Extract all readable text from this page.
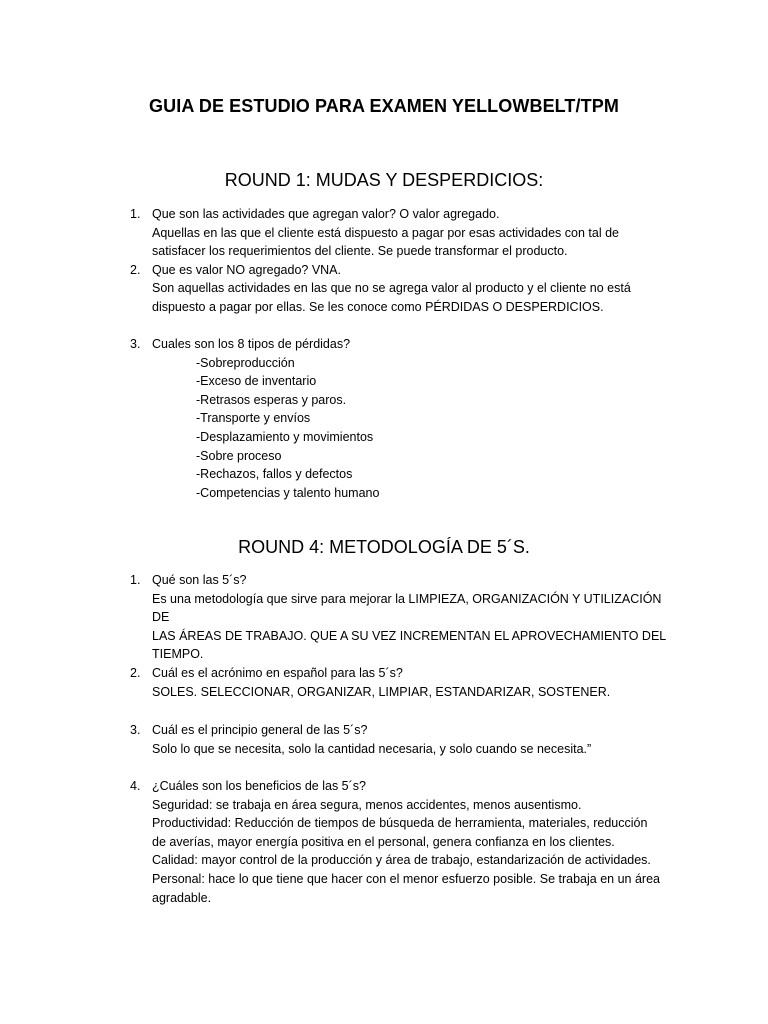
GUIA DE ESTUDIO PARA EXAMEN YELLOWBELT/TPM
ROUND 1: MUDAS Y DESPERDICIOS:
1. Que son las actividades que agregan valor? O valor agregado.
Aquellas en las que el cliente está dispuesto a pagar por esas actividades con tal de
satisfacer los requerimientos del cliente. Se puede transformar el producto.
2. Que es valor NO agregado? VNA.
Son aquellas actividades en las que no se agrega valor al producto y el cliente no está
dispuesto a pagar por ellas. Se les conoce como PÉRDIDAS O DESPERDICIOS.
3. Cuales son los 8 tipos de pérdidas?
-Sobreproducción
-Exceso de inventario
-Retrasos esperas y paros.
-Transporte y envíos
-Desplazamiento y movimientos
-Sobre proceso
-Rechazos, fallos y defectos
-Competencias y talento humano
ROUND 4: METODOLOGÍA DE 5´S.
1. Qué son las 5´s?
Es una metodología que sirve para mejorar la LIMPIEZA, ORGANIZACIÓN Y UTILIZACIÓN DE
LAS ÁREAS DE TRABAJO. QUE A SU VEZ INCREMENTAN EL APROVECHAMIENTO DEL
TIEMPO.
2. Cuál es el acrónimo en español para las 5´s?
SOLES. SELECCIONAR, ORGANIZAR, LIMPIAR, ESTANDARIZAR, SOSTENER.
3. Cuál es el principio general de las 5´s?
Solo lo que se necesita, solo la cantidad necesaria, y solo cuando se necesita.”
4. ¿Cuáles son los beneficios de las 5´s?
Seguridad: se trabaja en área segura, menos accidentes, menos ausentismo.
Productividad: Reducción de tiempos de búsqueda de herramienta, materiales, reducción
de averías, mayor energía positiva en el personal, genera confianza en los clientes.
Calidad: mayor control de la producción y área de trabajo, estandarización de actividades.
Personal: hace lo que tiene que hacer con el menor esfuerzo posible. Se trabaja en un área
agradable.
